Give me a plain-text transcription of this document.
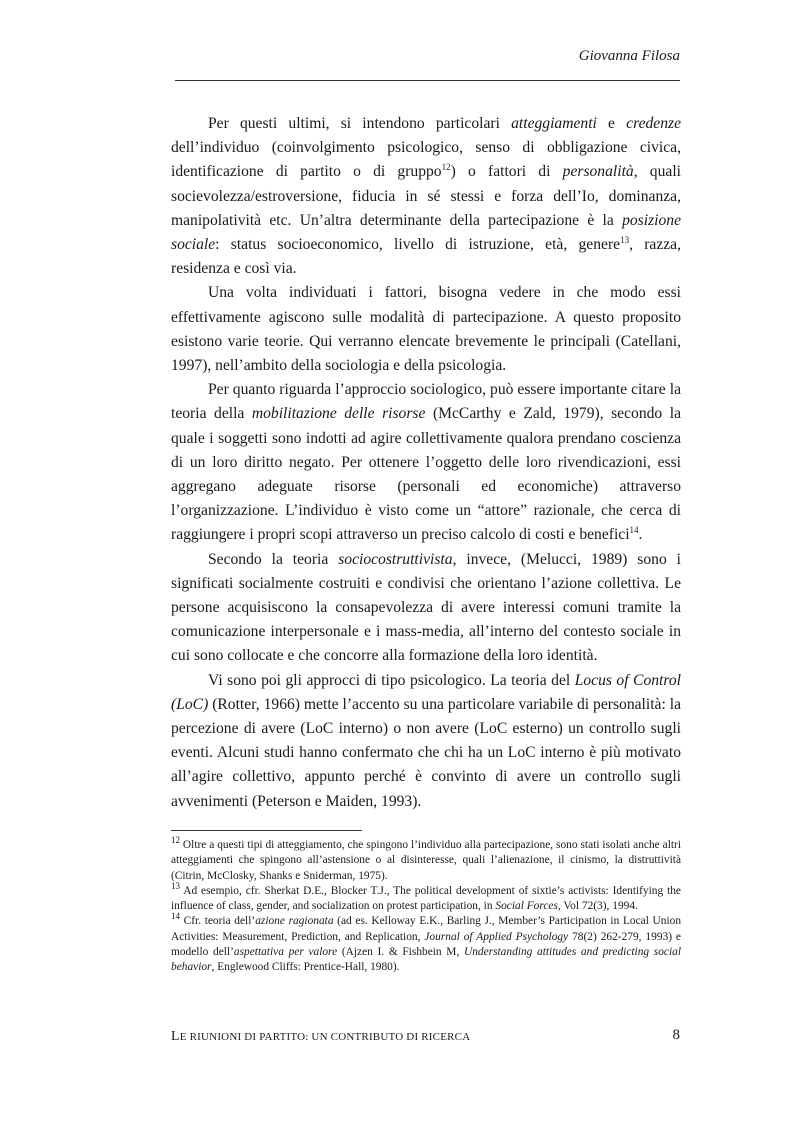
Giovanna Filosa

Per questi ultimi, si intendono particolari atteggiamenti e credenze dell’individuo (coinvolgimento psicologico, senso di obbligazione civica, identificazione di partito o di gruppo$^{12}$) o fattori di personalità, quali socievolezza/estroversione, fiducia in sé stessi e forza dell’Io, dominanza, manipolatività etc. Un’altra determinante della partecipazione è la posizione sociale: status socioeconomico, livello di istruzione, età, genere$^{13}$, razza, residenza e così via.

Una volta individuati i fattori, bisogna vedere in che modo essi effettivamente agiscono sulle modalità di partecipazione. A questo proposito esistono varie teorie. Qui verranno elencate brevemente le principali (Catellani, 1997), nell’ambito della sociologia e della psicologia.

Per quanto riguarda l’approccio sociologico, può essere importante citare la teoria della mobilitazione delle risorse (McCarthy e Zald, 1979), secondo la quale i soggetti sono indotti ad agire collettivamente qualora prendano coscienza di un loro diritto negato. Per ottenere l’oggetto delle loro rivendicazioni, essi aggregano adeguate risorse (personali ed economiche) attraverso l’organizzazione. L’individuo è visto come un “attore” razionale, che cerca di raggiungere i propri scopi attraverso un preciso calcolo di costi e benefici$^{14}$.

Secondo la teoria sociocostruttivista, invece, (Melucci, 1989) sono i significati socialmente costruiti e condivisi che orientano l’azione collettiva. Le persone acquisiscono la consapevolezza di avere interessi comuni tramite la comunicazione interpersonale e i mass-media, all’interno del contesto sociale in cui sono collocate e che concorre alla formazione della loro identità.

Vi sono poi gli approcci di tipo psicologico. La teoria del Locus of Control (LoC) (Rotter, 1966) mette l’accento su una particolare variabile di personalità: la percezione di avere (LoC interno) o non avere (LoC esterno) un controllo sugli eventi. Alcuni studi hanno confermato che chi ha un LoC interno è più motivato all’agire collettivo, appunto perché è convinto di avere un controllo sugli avvenimenti (Peterson e Maiden, 1993).

$^{12}$ Oltre a questi tipi di atteggiamento, che spingono l’individuo alla partecipazione, sono stati isolati anche altri atteggiamenti che spingono all’astensione o al disinteresse, quali l’alienazione, il cinismo, la distruttività (Citrin, McClosky, Shanks e Sniderman, 1975).

$^{13}$ Ad esempio, cfr. Sherkat D.E., Blocker T.J., The political development of sixtie’s activists: Identifying the influence of class, gender, and socialization on protest participation, in Social Forces, Vol 72(3), 1994.

$^{14}$ Cfr. teoria dell’azione ragionata (ad es. Kelloway E.K., Barling J., Member’s Participation in Local Union Activities: Measurement, Prediction, and Replication, Journal of Applied Psychology 78(2) 262-279, 1993) e modello dell’aspettativa per valore (Ajzen I. & Fishbein M, Understanding attitudes and predicting social behavior, Englewood Cliffs: Prentice-Hall, 1980).

LE RIUNIONI DI PARTITO: UN CONTRIBUTO DI RICERCA	8
